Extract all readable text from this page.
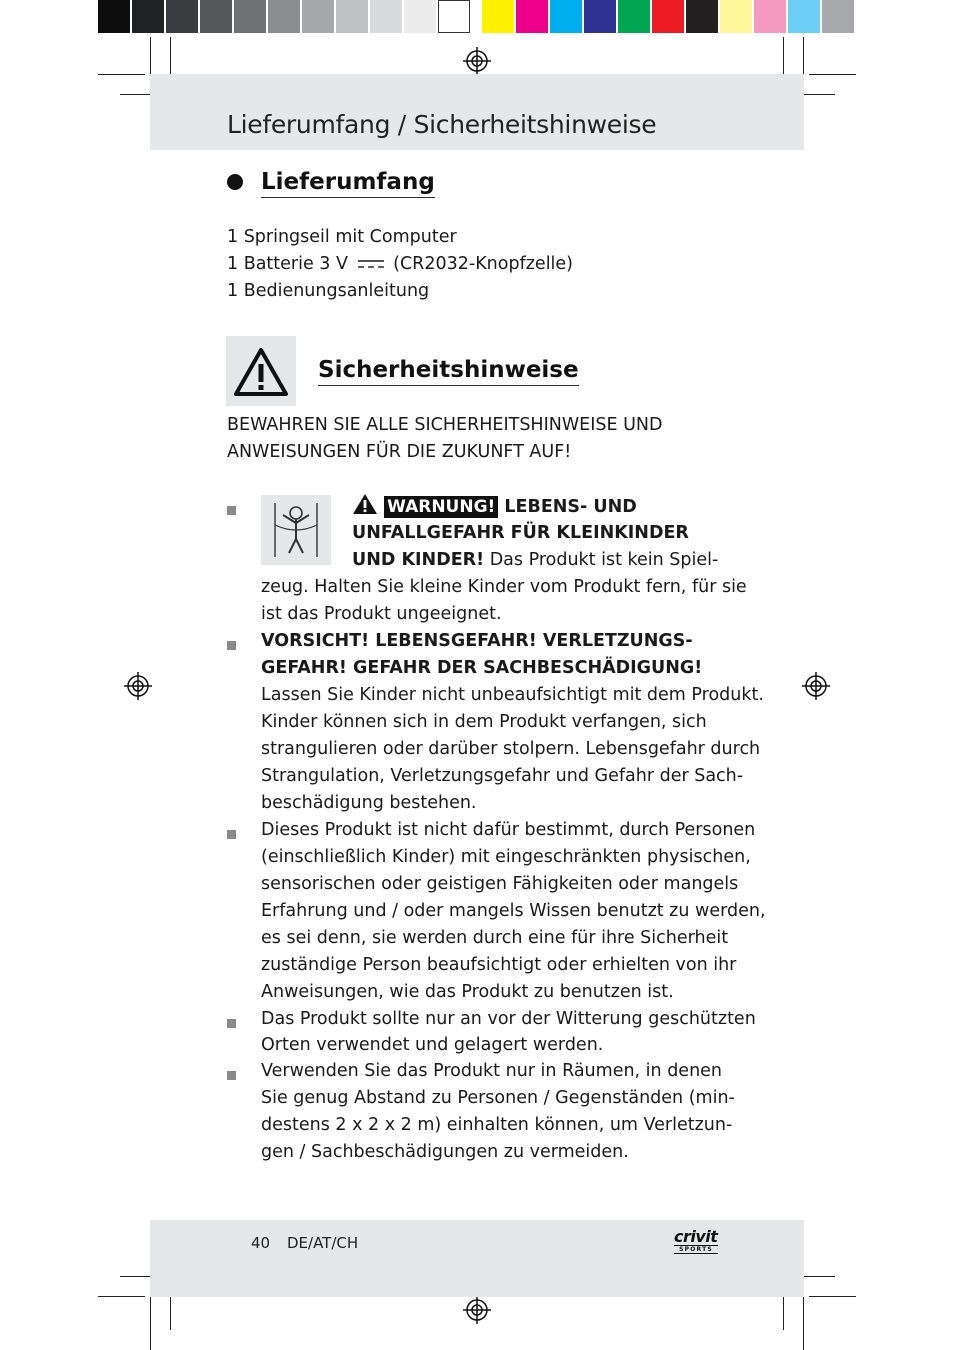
Lieferumfang / Sicherheitshinweise
Lieferumfang
1 Springseil mit Computer
1 Batterie 3 V	(CR2032-Knopfzelle)
1 Bedienungsanleitung
Sicherheitshinweise
BEWAHREN SIE ALLE SICHERHEITSHINWEISE UND
ANWEISUNGEN FÜR DIE ZUKUNFT AUF!
WARNUNG! LEBENS- UND
UNFALLGEFAHR FÜR KLEINKINDER
UND KINDER! Das Produkt ist kein Spiel-
zeug. Halten Sie kleine Kinder vom Produkt fern, für sie
ist das Produkt ungeeignet.
VORSICHT! LEBENSGEFAHR! VERLETZUNGS-
GEFAHR! GEFAHR DER SACHBESCHÄDIGUNG!
Lassen Sie Kinder nicht unbeaufsichtigt mit dem Produkt.
Kinder können sich in dem Produkt verfangen, sich
strangulieren oder darüber stolpern. Lebensgefahr durch
Strangulation, Verletzungsgefahr und Gefahr der Sach-
beschädigung bestehen.
Dieses Produkt ist nicht dafür bestimmt, durch Personen
(einschließlich Kinder) mit eingeschränkten physischen,
sensorischen oder geistigen Fähigkeiten oder mangels
Erfahrung und / oder mangels Wissen benutzt zu werden,
es sei denn, sie werden durch eine für ihre Sicherheit
zuständige Person beaufsichtigt oder erhielten von ihr
Anweisungen, wie das Produkt zu benutzen ist.
Das Produkt sollte nur an vor der Witterung geschützten
Orten verwendet und gelagert werden.
Verwenden Sie das Produkt nur in Räumen, in denen
Sie genug Abstand zu Personen / Gegenständen (min-
destens 2 x 2 x 2 m) einhalten können, um Verletzun-
gen / Sachbeschädigungen zu vermeiden.
40 DE/AT/CH	crivit
SPORTS
